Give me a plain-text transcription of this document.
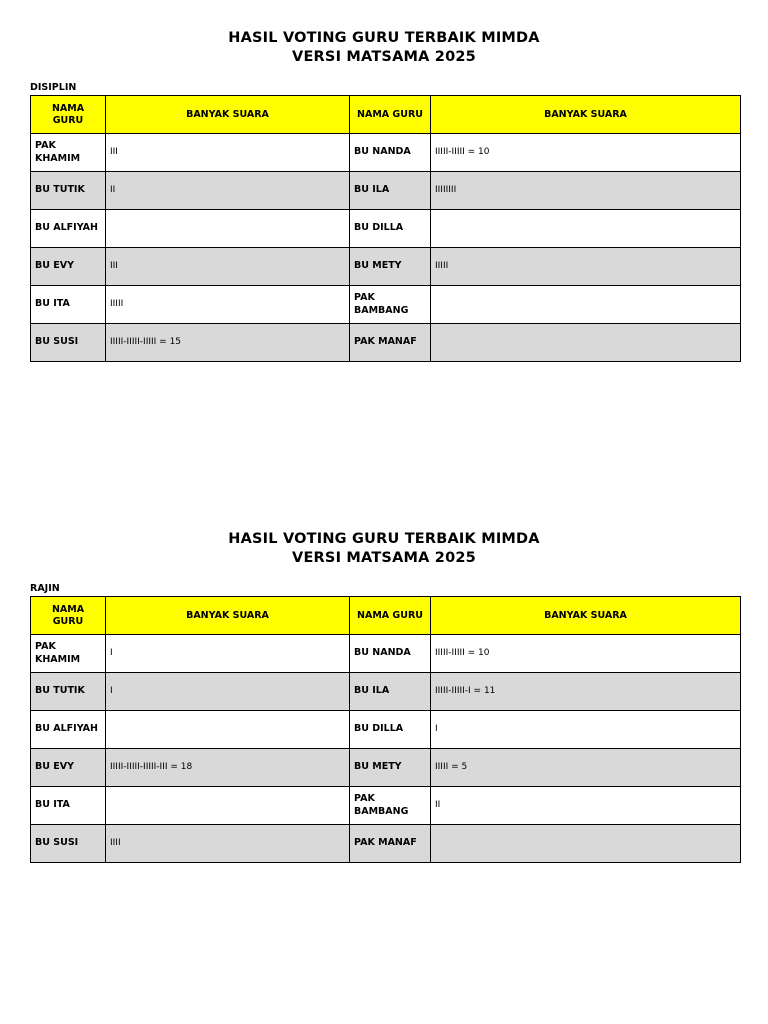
HASIL VOTING GURU TERBAIK MIMDA
VERSI MATSAMA 2025
DISIPLIN
NAMA GURU	BANYAK SUARA	NAMA GURU	BANYAK SUARA
PAK KHAMIM	III	BU NANDA	IIIII-IIIII = 10
BU TUTIK	II	BU ILA	IIIIIIII
BU ALFIYAH		BU DILLA	
BU EVY	III	BU METY	IIIII
BU ITA	IIIII	PAK BAMBANG	
BU SUSI	IIIII-IIIII-IIIII = 15	PAK MANAF	
HASIL VOTING GURU TERBAIK MIMDA
VERSI MATSAMA 2025
RAJIN
NAMA GURU	BANYAK SUARA	NAMA GURU	BANYAK SUARA
PAK KHAMIM	I	BU NANDA	IIIII-IIIII = 10
BU TUTIK	I	BU ILA	IIIII-IIIII-I = 11
BU ALFIYAH		BU DILLA	I
BU EVY	IIIII-IIIII-IIIII-III = 18	BU METY	IIIII = 5
BU ITA		PAK BAMBANG	II
BU SUSI	IIII	PAK MANAF	
